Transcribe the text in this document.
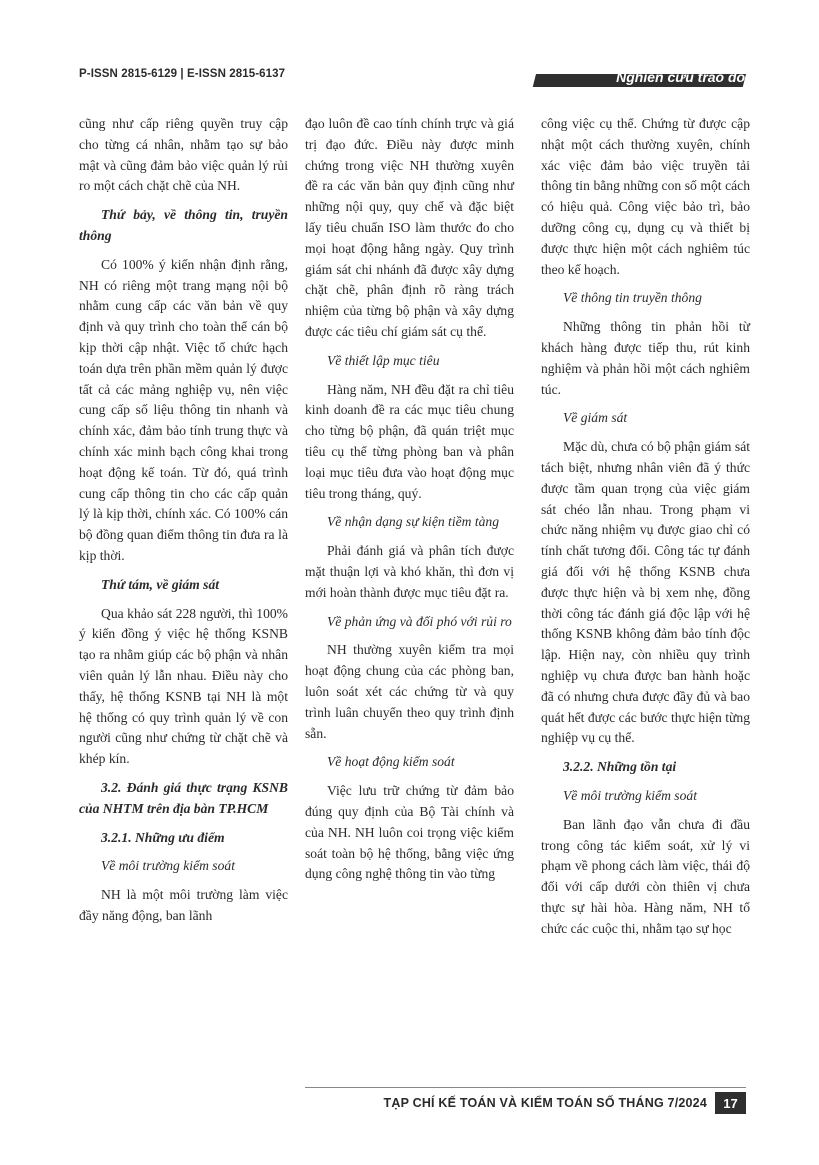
P-ISSN 2815-6129 | E-ISSN 2815-6137	Nghiên cứu trao đổi

cũng như cấp riêng quyền truy cập cho từng cá nhân, nhằm tạo sự bảo mật và cũng đảm bảo việc quản lý rủi ro một cách chặt chẽ của NH.

Thứ bảy, về thông tin, truyền thông

Có 100% ý kiến nhận định rằng, NH có riêng một trang mạng nội bộ nhằm cung cấp các văn bản về quy định và quy trình cho toàn thể cán bộ kịp thời cập nhật. Việc tổ chức hạch toán dựa trên phần mềm quản lý được tất cả các mảng nghiệp vụ, nên việc cung cấp số liệu thông tin nhanh và chính xác, đảm bảo tính trung thực và chính xác minh bạch công khai trong hoạt động kế toán. Từ đó, quá trình cung cấp thông tin cho các cấp quản lý là kịp thời, chính xác. Có 100% cán bộ đồng quan điểm thông tin đưa ra là kịp thời.

Thứ tám, về giám sát

Qua khảo sát 228 người, thì 100% ý kiến đồng ý việc hệ thống KSNB tạo ra nhằm giúp các bộ phận và nhân viên quản lý lẫn nhau. Điều này cho thấy, hệ thống KSNB tại NH là một hệ thống có quy trình quản lý về con người cũng như chứng từ chặt chẽ và khép kín.

3.2. Đánh giá thực trạng KSNB của NHTM trên địa bàn TP.HCM

3.2.1. Những ưu điểm

Về môi trường kiểm soát

NH là một môi trường làm việc đầy năng động, ban lãnh

đạo luôn đề cao tính chính trực và giá trị đạo đức. Điều này được minh chứng trong việc NH thường xuyên đề ra các văn bản quy định cũng như những nội quy, quy chế và đặc biệt lấy tiêu chuẩn ISO làm thước đo cho mọi hoạt động hằng ngày. Quy trình giám sát chi nhánh đã được xây dựng chặt chẽ, phân định rõ ràng trách nhiệm của từng bộ phận và xây dựng được các tiêu chí giám sát cụ thể.

Về thiết lập mục tiêu

Hàng năm, NH đều đặt ra chỉ tiêu kinh doanh đề ra các mục tiêu chung cho từng bộ phận, đã quán triệt mục tiêu cụ thể từng phòng ban và phân loại mục tiêu đưa vào hoạt động mục tiêu trong tháng, quý.

Về nhận dạng sự kiện tiềm tàng

Phải đánh giá và phân tích được mặt thuận lợi và khó khăn, thì đơn vị mới hoàn thành được mục tiêu đặt ra.

Về phản ứng và đối phó với rủi ro

NH thường xuyên kiểm tra mọi hoạt động chung của các phòng ban, luôn soát xét các chứng từ và quy trình luân chuyển theo quy trình định sẵn.

Về hoạt động kiểm soát

Việc lưu trữ chứng từ đảm bảo đúng quy định của Bộ Tài chính và của NH. NH luôn coi trọng việc kiểm soát toàn bộ hệ thống, bằng việc ứng dụng công nghệ thông tin vào từng

công việc cụ thể. Chứng từ được cập nhật một cách thường xuyên, chính xác việc đảm bảo việc truyền tải thông tin bằng những con số một cách có hiệu quả. Công việc bảo trì, bảo dưỡng công cụ, dụng cụ và thiết bị được thực hiện một cách nghiêm túc theo kế hoạch.

Về thông tin truyền thông

Những thông tin phản hồi từ khách hàng được tiếp thu, rút kinh nghiệm và phản hồi một cách nghiêm túc.

Về giám sát

Mặc dù, chưa có bộ phận giám sát tách biệt, nhưng nhân viên đã ý thức được tầm quan trọng của việc giám sát chéo lẫn nhau. Trong phạm vi chức năng nhiệm vụ được giao chỉ có tính chất tương đối. Công tác tự đánh giá đối với hệ thống KSNB chưa được thực hiện và bị xem nhẹ, đồng thời công tác đánh giá độc lập với hệ thống KSNB không đảm bảo tính độc lập. Hiện nay, còn nhiều quy trình nghiệp vụ chưa được ban hành hoặc đã có nhưng chưa được đầy đủ và bao quát hết được các bước thực hiện từng nghiệp vụ cụ thể.

3.2.2. Những tồn tại

Về môi trường kiểm soát

Ban lãnh đạo vẫn chưa đi đầu trong công tác kiểm soát, xử lý vi phạm về phong cách làm việc, thái độ đối với cấp dưới còn thiên vị chưa thực sự hài hòa. Hàng năm, NH tổ chức các cuộc thi, nhằm tạo sự học

TẠP CHÍ KẾ TOÁN VÀ KIỂM TOÁN SỐ THÁNG 7/2024	17
